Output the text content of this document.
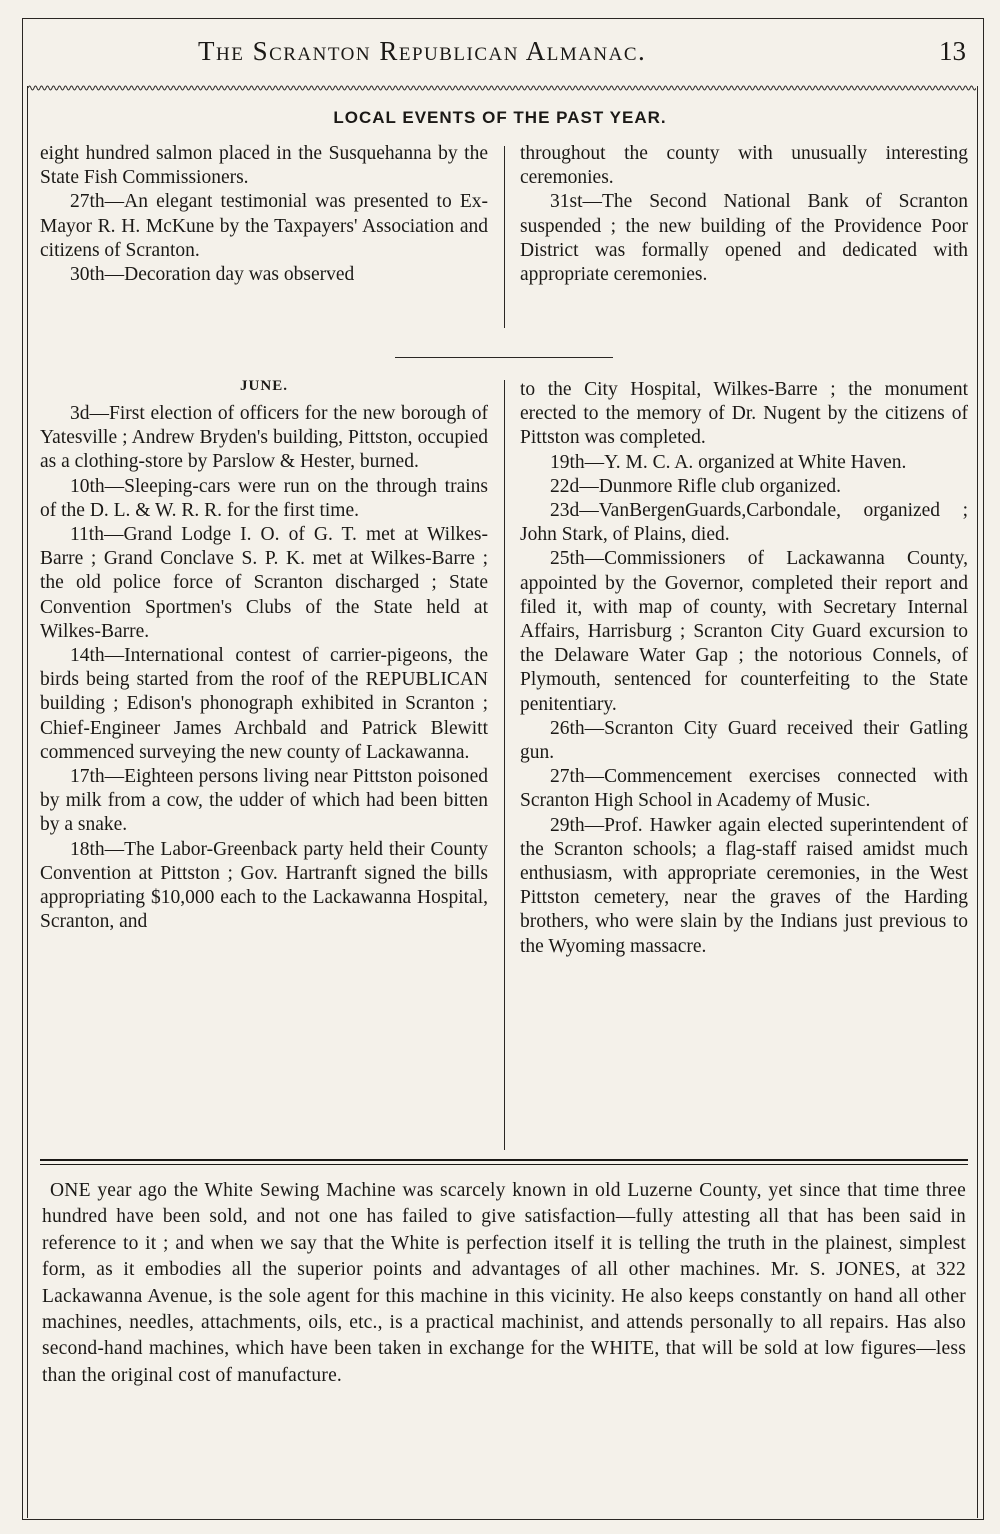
The Scranton Republican Almanac.	13
LOCAL EVENTS OF THE PAST YEAR.

eight hundred salmon placed in the Susquehanna by the State Fish Commissioners.

27th—An elegant testimonial was presented to Ex-Mayor R. H. McKune by the Taxpayers' Association and citizens of Scranton.

30th—Decoration day was observed

throughout the county with unusually interesting ceremonies.

31st—The Second National Bank of Scranton suspended ; the new building of the Providence Poor District was formally opened and dedicated with appropriate ceremonies.

JUNE.

3d—First election of officers for the new borough of Yatesville ; Andrew Bryden's building, Pittston, occupied as a clothing-store by Parslow & Hester, burned.

10th—Sleeping-cars were run on the through trains of the D. L. & W. R. R. for the first time.

11th—Grand Lodge I. O. of G. T. met at Wilkes-Barre ; Grand Conclave S. P. K. met at Wilkes-Barre ; the old police force of Scranton discharged ; State Convention Sportmen's Clubs of the State held at Wilkes-Barre.

14th—International contest of carrier-pigeons, the birds being started from the roof of the REPUBLICAN building ; Edison's phonograph exhibited in Scranton ; Chief-Engineer James Archbald and Patrick Blewitt commenced surveying the new county of Lackawanna.

17th—Eighteen persons living near Pittston poisoned by milk from a cow, the udder of which had been bitten by a snake.

18th—The Labor-Greenback party held their County Convention at Pittston ; Gov. Hartranft signed the bills appropriating $10,000 each to the Lackawanna Hospital, Scranton, and

to the City Hospital, Wilkes-Barre ; the monument erected to the memory of Dr. Nugent by the citizens of Pittston was completed.

19th—Y. M. C. A. organized at White Haven.

22d—Dunmore Rifle club organized.

23d—VanBergenGuards,Carbondale, organized ; John Stark, of Plains, died.

25th—Commissioners of Lackawanna County, appointed by the Governor, completed their report and filed it, with map of county, with Secretary Internal Affairs, Harrisburg ; Scranton City Guard excursion to the Delaware Water Gap ; the notorious Connels, of Plymouth, sentenced for counterfeiting to the State penitentiary.

26th—Scranton City Guard received their Gatling gun.

27th—Commencement exercises connected with Scranton High School in Academy of Music.

29th—Prof. Hawker again elected superintendent of the Scranton schools; a flag-staff raised amidst much enthusiasm, with appropriate ceremonies, in the West Pittston cemetery, near the graves of the Harding brothers, who were slain by the Indians just previous to the Wyoming massacre.

ONE year ago the White Sewing Machine was scarcely known in old Luzerne County, yet since that time three hundred have been sold, and not one has failed to give satisfaction—fully attesting all that has been said in reference to it ; and when we say that the White is perfection itself it is telling the truth in the plainest, simplest form, as it embodies all the superior points and advantages of all other machines. Mr. S. JONES, at 322 Lackawanna Avenue, is the sole agent for this machine in this vicinity. He also keeps constantly on hand all other machines, needles, attachments, oils, etc., is a practical machinist, and attends personally to all repairs. Has also second-hand machines, which have been taken in exchange for the WHITE, that will be sold at low figures—less than the original cost of manufacture.
